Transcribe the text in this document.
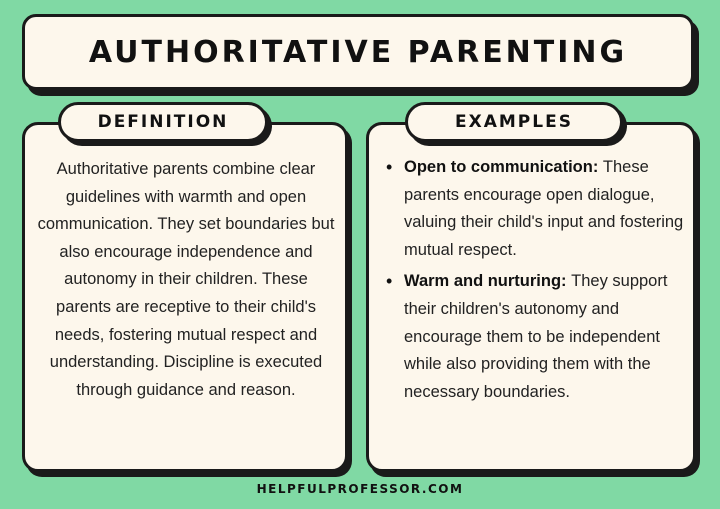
AUTHORITATIVE PARENTING
DEFINITION
Authoritative parents combine clear guidelines with warmth and open communication. They set boundaries but also encourage independence and autonomy in their children. These parents are receptive to their child's needs, fostering mutual respect and understanding. Discipline is executed through guidance and reason.
EXAMPLES
• Open to communication: These parents encourage open dialogue, valuing their child's input and fostering mutual respect.
• Warm and nurturing: They support their children's autonomy and encourage them to be independent while also providing them with the necessary boundaries.
HELPFULPROFESSOR.COM
